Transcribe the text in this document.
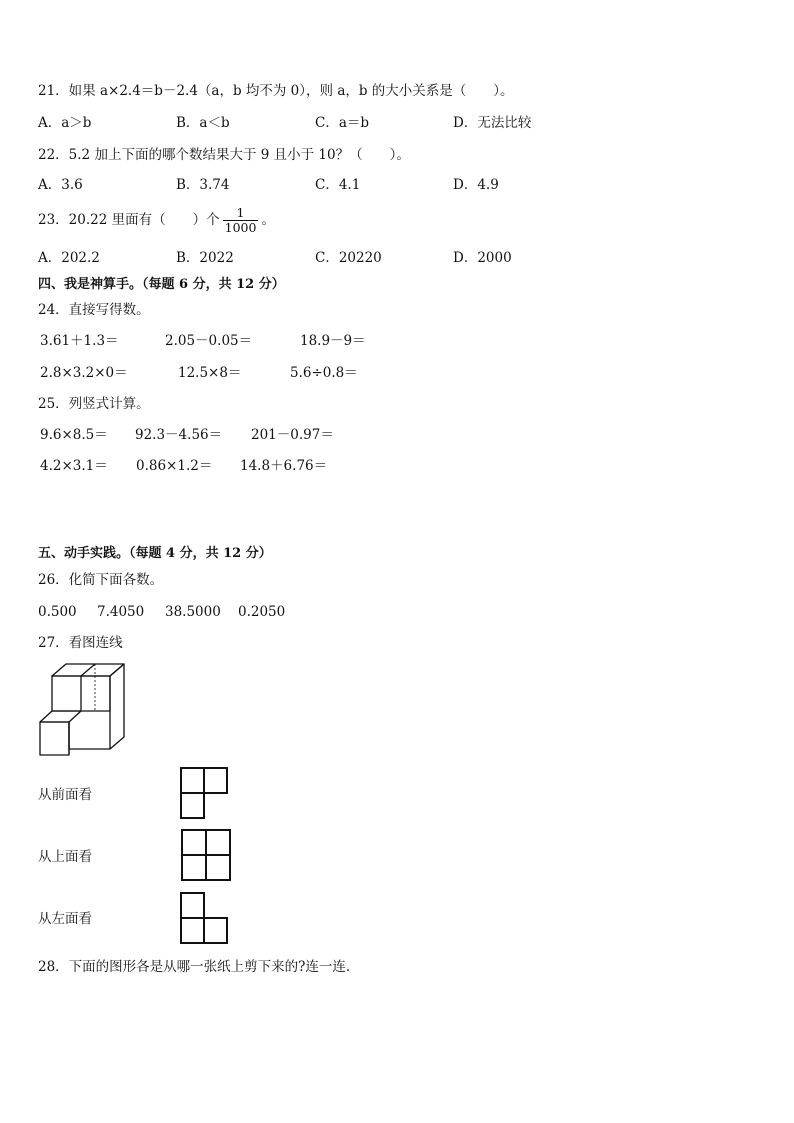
21．如果 a×2.4＝b－2.4（a，b 均不为 0），则 a，b 的大小关系是（　　）。
A．a＞b	B．a＜b	C．a＝b	D．无法比较
22．5.2 加上下面的哪个数结果大于 9 且小于 10？（　　）。
A．3.6	B．3.74	C．4.1	D．4.9
23．20.22 里面有（　　）个 $\frac{1}{1000}$ 。
A．202.2	B．2022	C．20220	D．2000
四、我是神算手。（每题 6 分，共 12 分）
24．直接写得数。
3.61＋1.3＝	2.05－0.05＝	18.9－9＝
2.8×3.2×0＝	12.5×8＝	5.6÷0.8＝
25．列竖式计算。
9.6×8.5＝ 92.3－4.56＝ 201－0.97＝
4.2×3.1＝ 0.86×1.2＝ 14.8＋6.76＝
五、动手实践。（每题 4 分，共 12 分）
26．化简下面各数。
0.500 7.4050 38.5000 0.2050
27．看图连线
从前面看
从上面看
从左面看
28．下面的图形各是从哪一张纸上剪下来的?连一连.
